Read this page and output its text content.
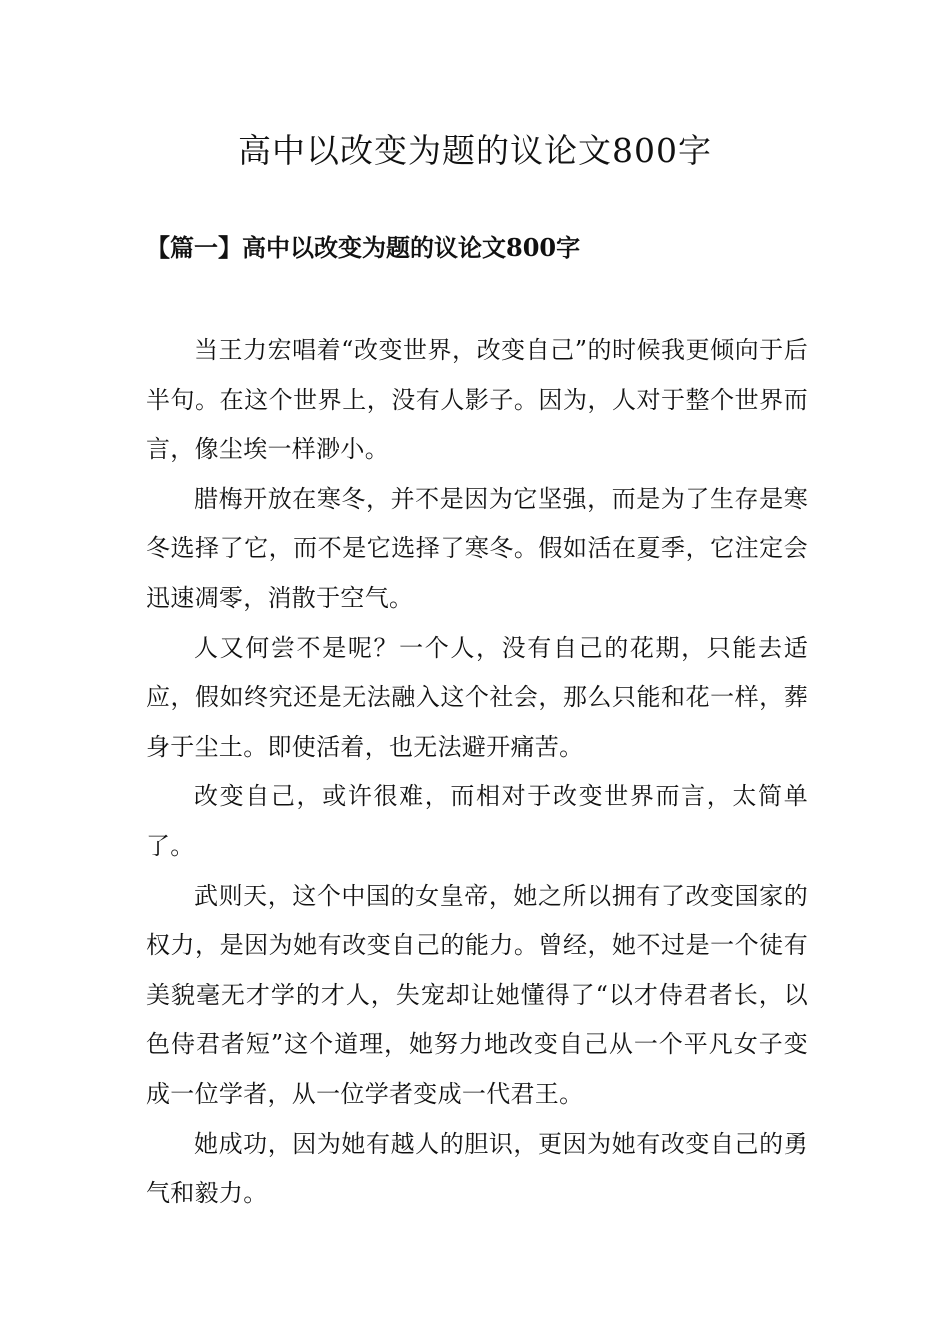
高中以改变为题的议论文800字
【篇一】高中以改变为题的议论文800字

当王力宏唱着“改变世界，改变自己”的时候我更倾向于后半句。在这个世界上，没有人影子。因为，人对于整个世界而言，像尘埃一样渺小。

腊梅开放在寒冬，并不是因为它坚强，而是为了生存是寒冬选择了它，而不是它选择了寒冬。假如活在夏季，它注定会迅速凋零，消散于空气。

人又何尝不是呢？一个人，没有自己的花期，只能去适应，假如终究还是无法融入这个社会，那么只能和花一样，葬身于尘土。即使活着，也无法避开痛苦。

改变自己，或许很难，而相对于改变世界而言，太简单了。

武则天，这个中国的女皇帝，她之所以拥有了改变国家的权力，是因为她有改变自己的能力。曾经，她不过是一个徒有美貌毫无才学的才人，失宠却让她懂得了“以才侍君者长，以色侍君者短”这个道理，她努力地改变自己从一个平凡女子变成一位学者，从一位学者变成一代君王。

她成功，因为她有越人的胆识，更因为她有改变自己的勇气和毅力。
